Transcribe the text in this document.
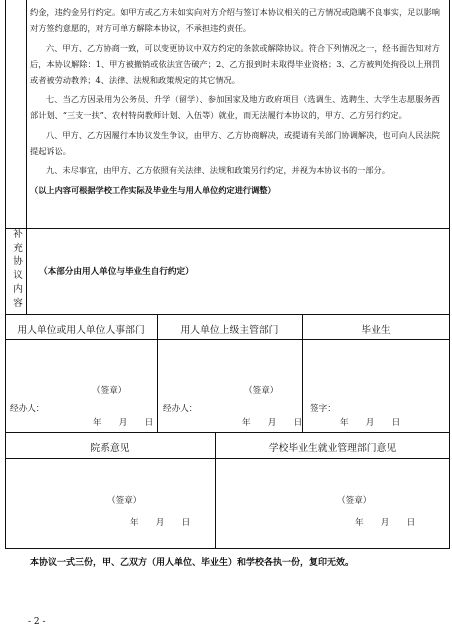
约金，违约金另行约定。如甲方或乙方未如实向对方介绍与签订本协议相关的己方情况或隐瞒不良事实，足以影响对方签约意愿的，对方可单方解除本协议，不承担违约责任。

六、甲方、乙方协商一致，可以变更协议中双方约定的条款或解除协议。符合下列情况之一，经书面告知对方后，本协议解除：1、甲方被撤销或依法宣告破产；2、乙方报到时未取得毕业资格；3、乙方被判处拘役以上刑罚或者被劳动教养；4、法律、法规和政策规定的其它情况。

七、当乙方因录用为公务员、升学（留学）、参加国家及地方政府项目（选调生、选聘生、大学生志愿服务西部计划、“三支一扶”、农村特岗教师计划、入伍等）就业，而无法履行本协议的，甲方、乙方另行约定。

八、甲方、乙方因履行本协议发生争议，由甲方、乙方协商解决，或提请有关部门协调解决，也可向人民法院提起诉讼。

九、未尽事宜，由甲方、乙方依照有关法律、法规和政策另行约定，并视为本协议书的一部分。

（以上内容可根据学校工作实际及毕业生与用人单位约定进行调整）

补充协议内容
（本部分由用人单位与毕业生自行约定）
用人单位或用人单位人事部门	用人单位上级主管部门	毕业生
（签章）
经办人：
年　　月　　日
（签章）
经办人：
年　　月　　日
签字：
年　　月　　日
院系意见	学校毕业生就业管理部门意见
（签章）
年　　月　　日
（签章）
年　　月　　日
本协议一式三份，甲、乙双方（用人单位、毕业生）和学校各执一份，复印无效。
- 2 -
